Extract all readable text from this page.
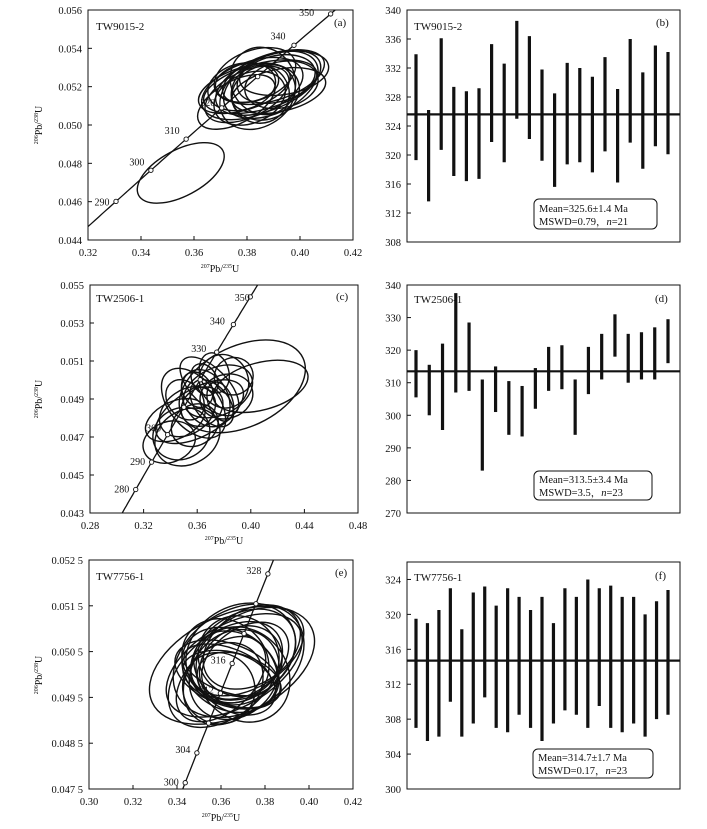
0.32	0.34	0.36	0.38	0.40	0.42
0.044
0.046
0.048
0.050
0.052
0.054
0.056
TW9015-2	(a)
$^{207}$Pb/$^{235}$U
$^{206}$Pb/$^{238}$U
290
300
310
320
340
350
308
312
316
320
324
328
332
336
340
TW9015-2	(b)
Mean=325.6±1.4 Ma
MSWD=0.79，n=21
0.28	0.32	0.36	0.40	0.44	0.48
0.043
0.045
0.047
0.049
0.051
0.053
0.055
TW2506-1	(c)
$^{207}$Pb/$^{235}$U
$^{206}$Pb/$^{238}$U
280
290
300
330
340
350
270
280
290
300
310
320
330
340
TW2506-1	(d)
Mean=313.5±3.4 Ma
MSWD=3.5，n=23
0.30 0.32 0.34 0.36 0.38 0.40 0.42
0.047 5
0.048 5
0.049 5
0.050 5
0.051 5
0.052 5
TW7756-1	(e)
$^{207}$Pb/$^{235}$U
$^{206}$Pb/$^{238}$U
300
304
312
316
328
300
304
308
312
316
320
324 TW7756-1	(f)
Mean=314.7±1.7 Ma
MSWD=0.17，n=23
